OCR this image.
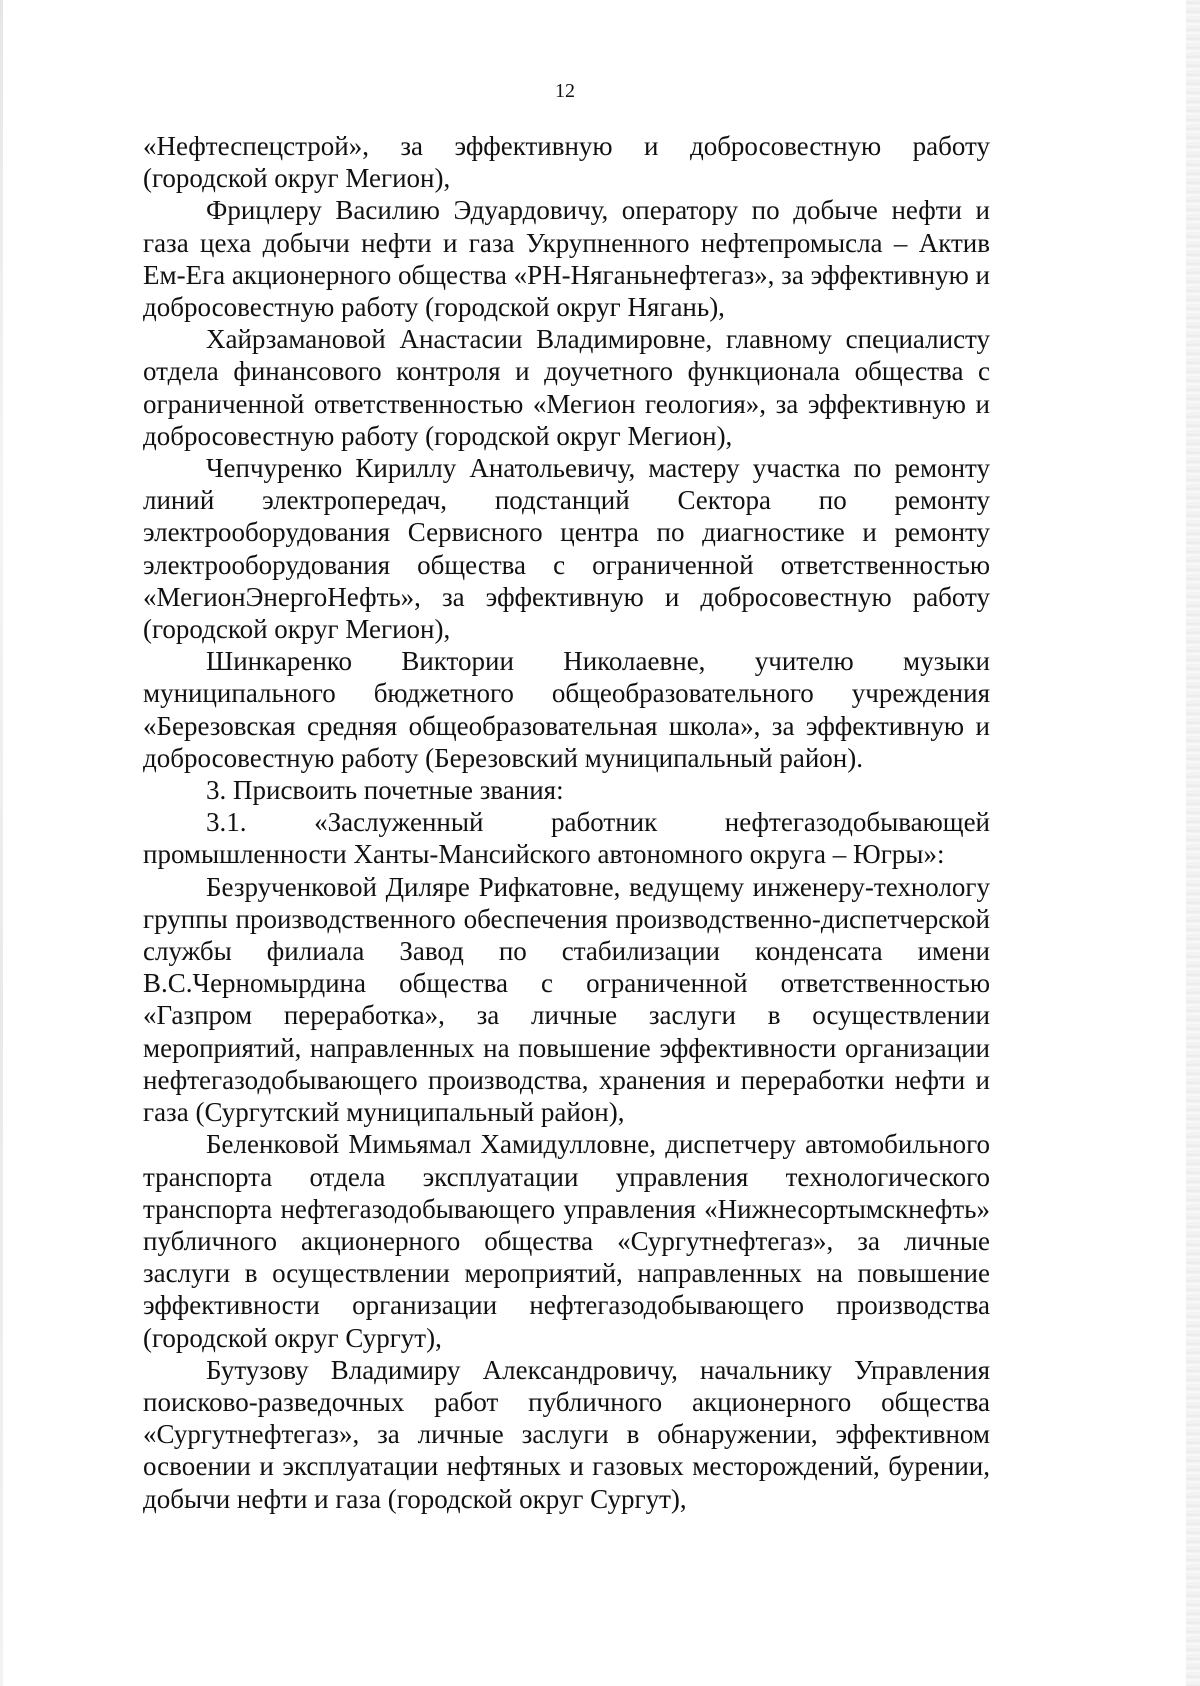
12

«Нефтеспецстрой», за эффективную и добросовестную работу (городской округ Мегион),

Фрицлеру Василию Эдуардовичу, оператору по добыче нефти и газа цеха добычи нефти и газа Укрупненного нефтепромысла – Актив Ем-Ега акционерного общества «РН-Няганьнефтегаз», за эффективную и добросовестную работу (городской округ Нягань),

Хайрзамановой Анастасии Владимировне, главному специалисту отдела финансового контроля и доучетного функционала общества с ограниченной ответственностью «Мегион геология», за эффективную и добросовестную работу (городской округ Мегион),

Чепчуренко Кириллу Анатольевичу, мастеру участка по ремонту линий электропередач, подстанций Сектора по ремонту электрооборудования Сервисного центра по диагностике и ремонту электрооборудования общества с ограниченной ответственностью «МегионЭнергоНефть», за эффективную и добросовестную работу (городской округ Мегион),

Шинкаренко Виктории Николаевне, учителю музыки муниципального бюджетного общеобразовательного учреждения «Березовская средняя общеобразовательная школа», за эффективную и добросовестную работу (Березовский муниципальный район).

3. Присвоить почетные звания:

3.1. «Заслуженный работник нефтегазодобывающей промышленности Ханты-Мансийского автономного округа – Югры»:

Безрученковой Диляре Рифкатовне, ведущему инженеру-технологу группы производственного обеспечения производственно-диспетчерской службы филиала Завод по стабилизации конденсата имени В.С.Черномырдина общества с ограниченной ответственностью «Газпром переработка», за личные заслуги в осуществлении мероприятий, направленных на повышение эффективности организации нефтегазодобывающего производства, хранения и переработки нефти и газа (Сургутский муниципальный район),

Беленковой Мимьямал Хамидулловне, диспетчеру автомобильного транспорта отдела эксплуатации управления технологического транспорта нефтегазодобывающего управления «Нижнесортымскнефть» публичного акционерного общества «Сургутнефтегаз», за личные заслуги в осуществлении мероприятий, направленных на повышение эффективности организации нефтегазодобывающего производства (городской округ Сургут),

Бутузову Владимиру Александровичу, начальнику Управления поисково-разведочных работ публичного акционерного общества «Сургутнефтегаз», за личные заслуги в обнаружении, эффективном освоении и эксплуатации нефтяных и газовых месторождений, бурении, добычи нефти и газа (городской округ Сургут),
